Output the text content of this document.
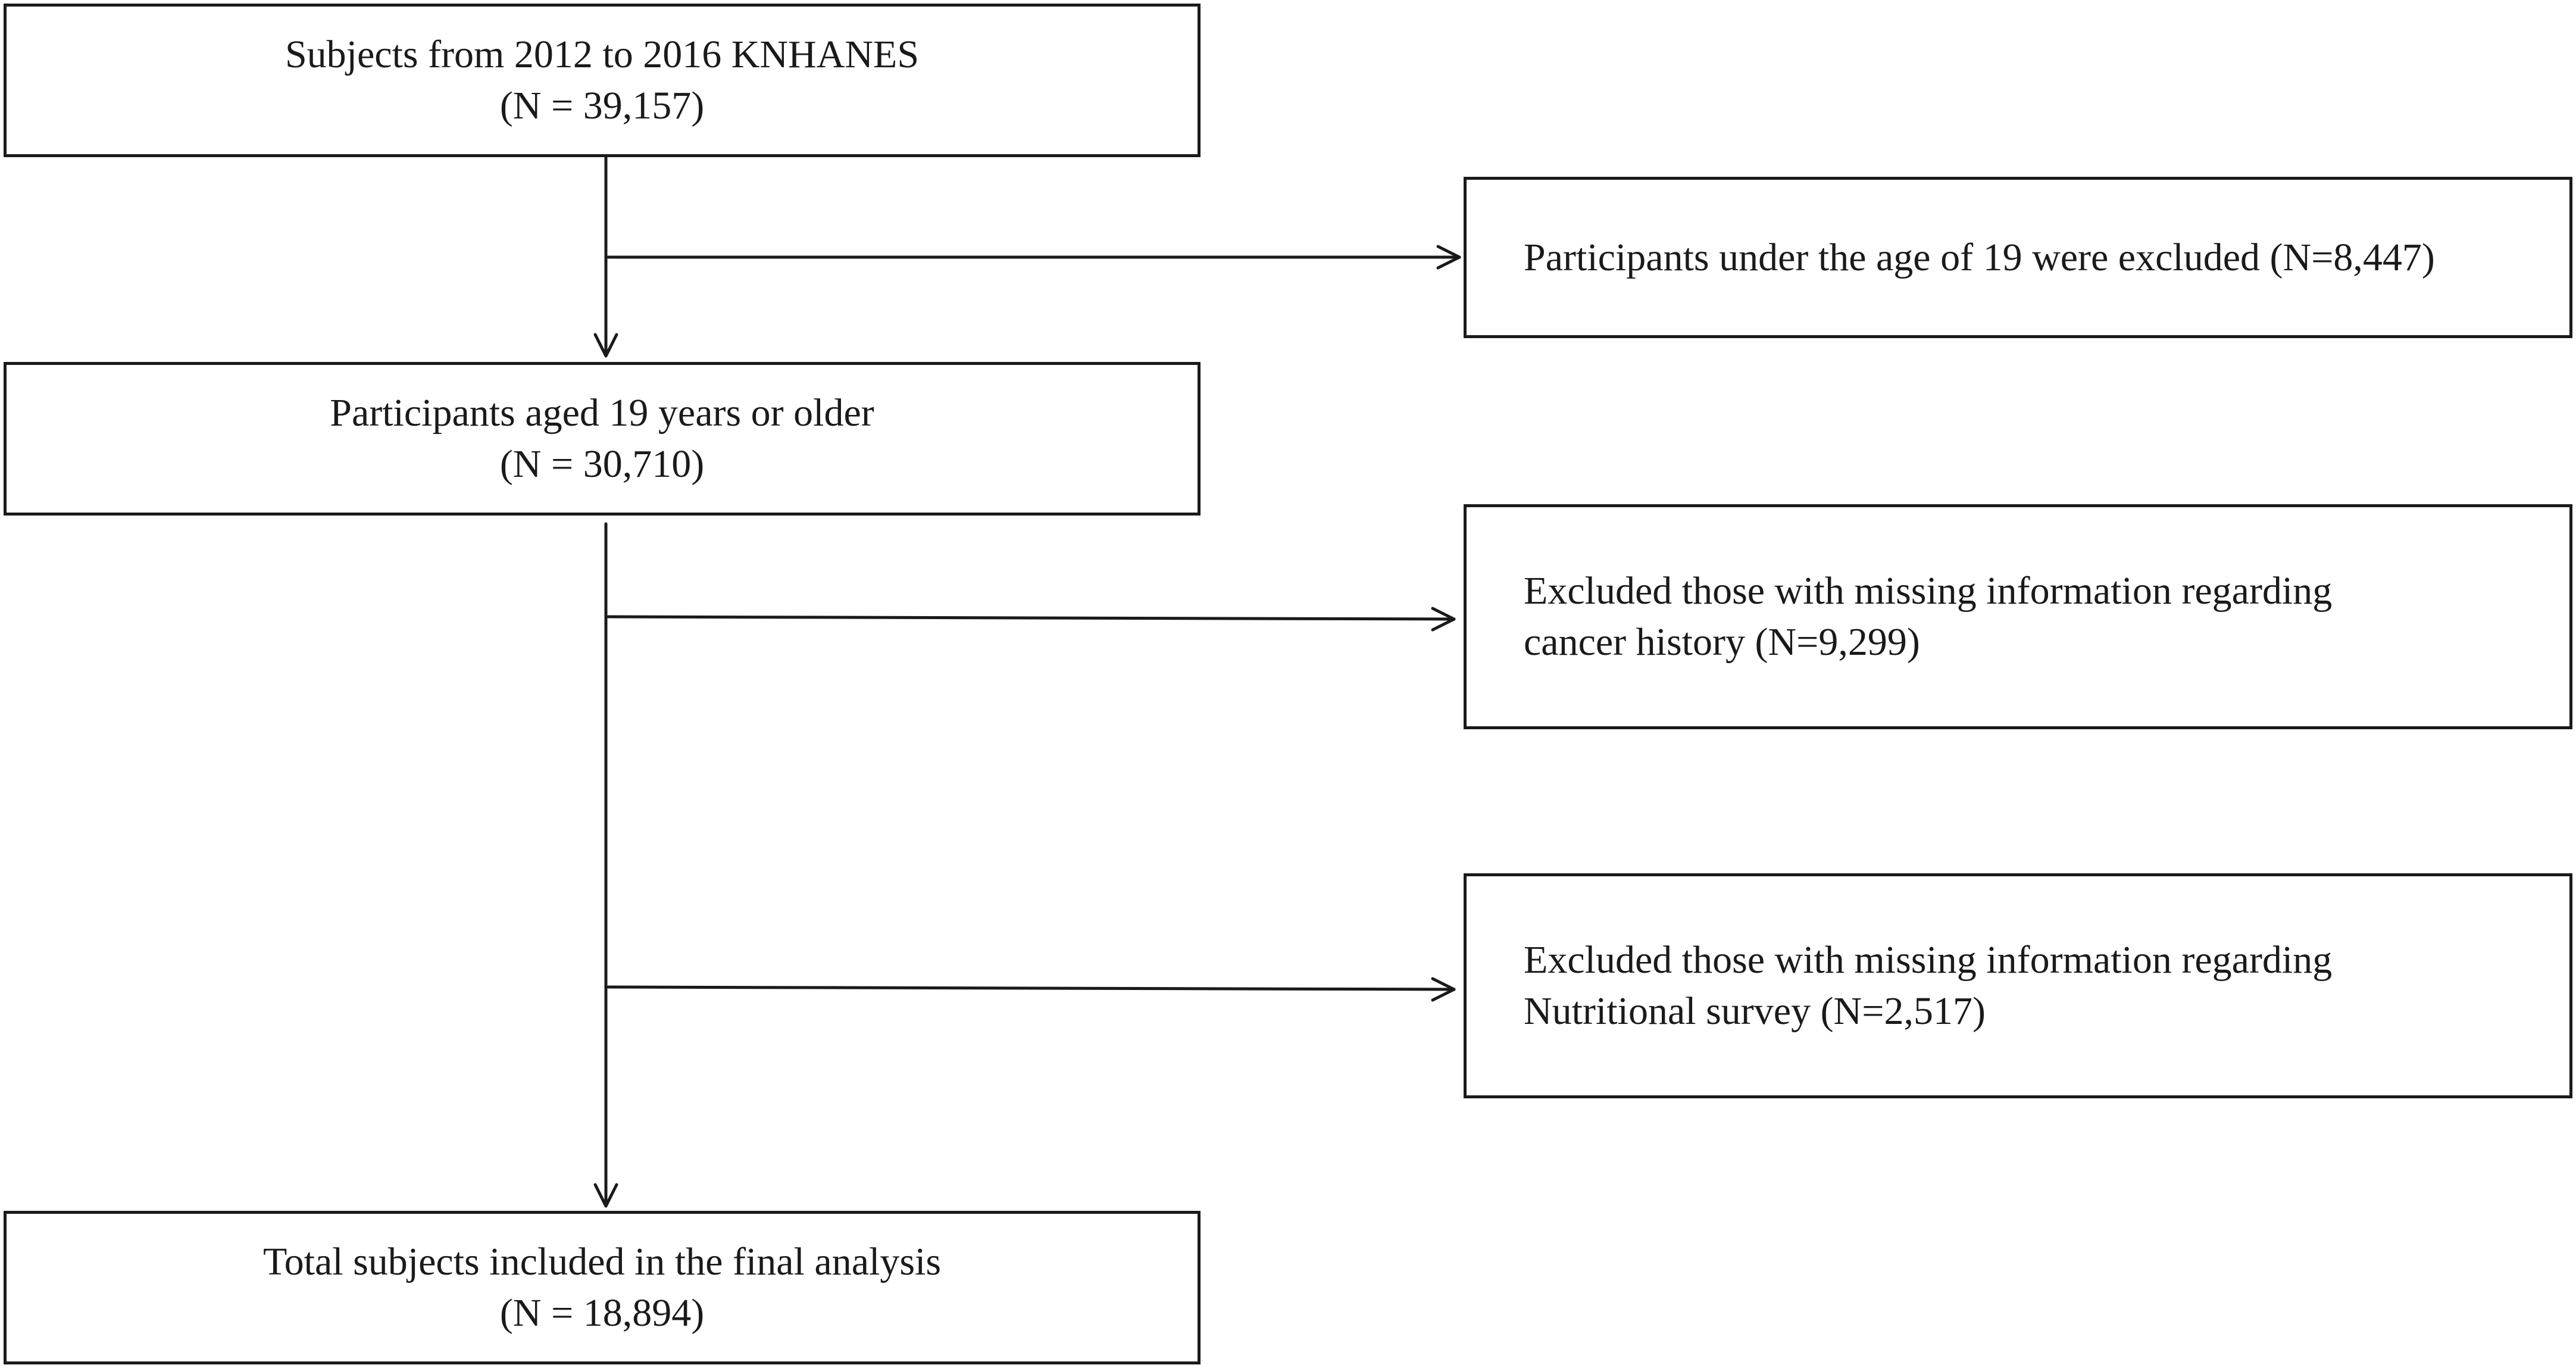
Subjects from 2012 to 2016 KNHANES
(N = 39,157)
Participants under the age of 19 were excluded (N=8,447)
Participants aged 19 years or older
(N = 30,710)
Excluded those with missing information regarding
cancer history (N=9,299)
Excluded those with missing information regarding
Nutritional survey (N=2,517)
Total subjects included in the final analysis
(N = 18,894)
